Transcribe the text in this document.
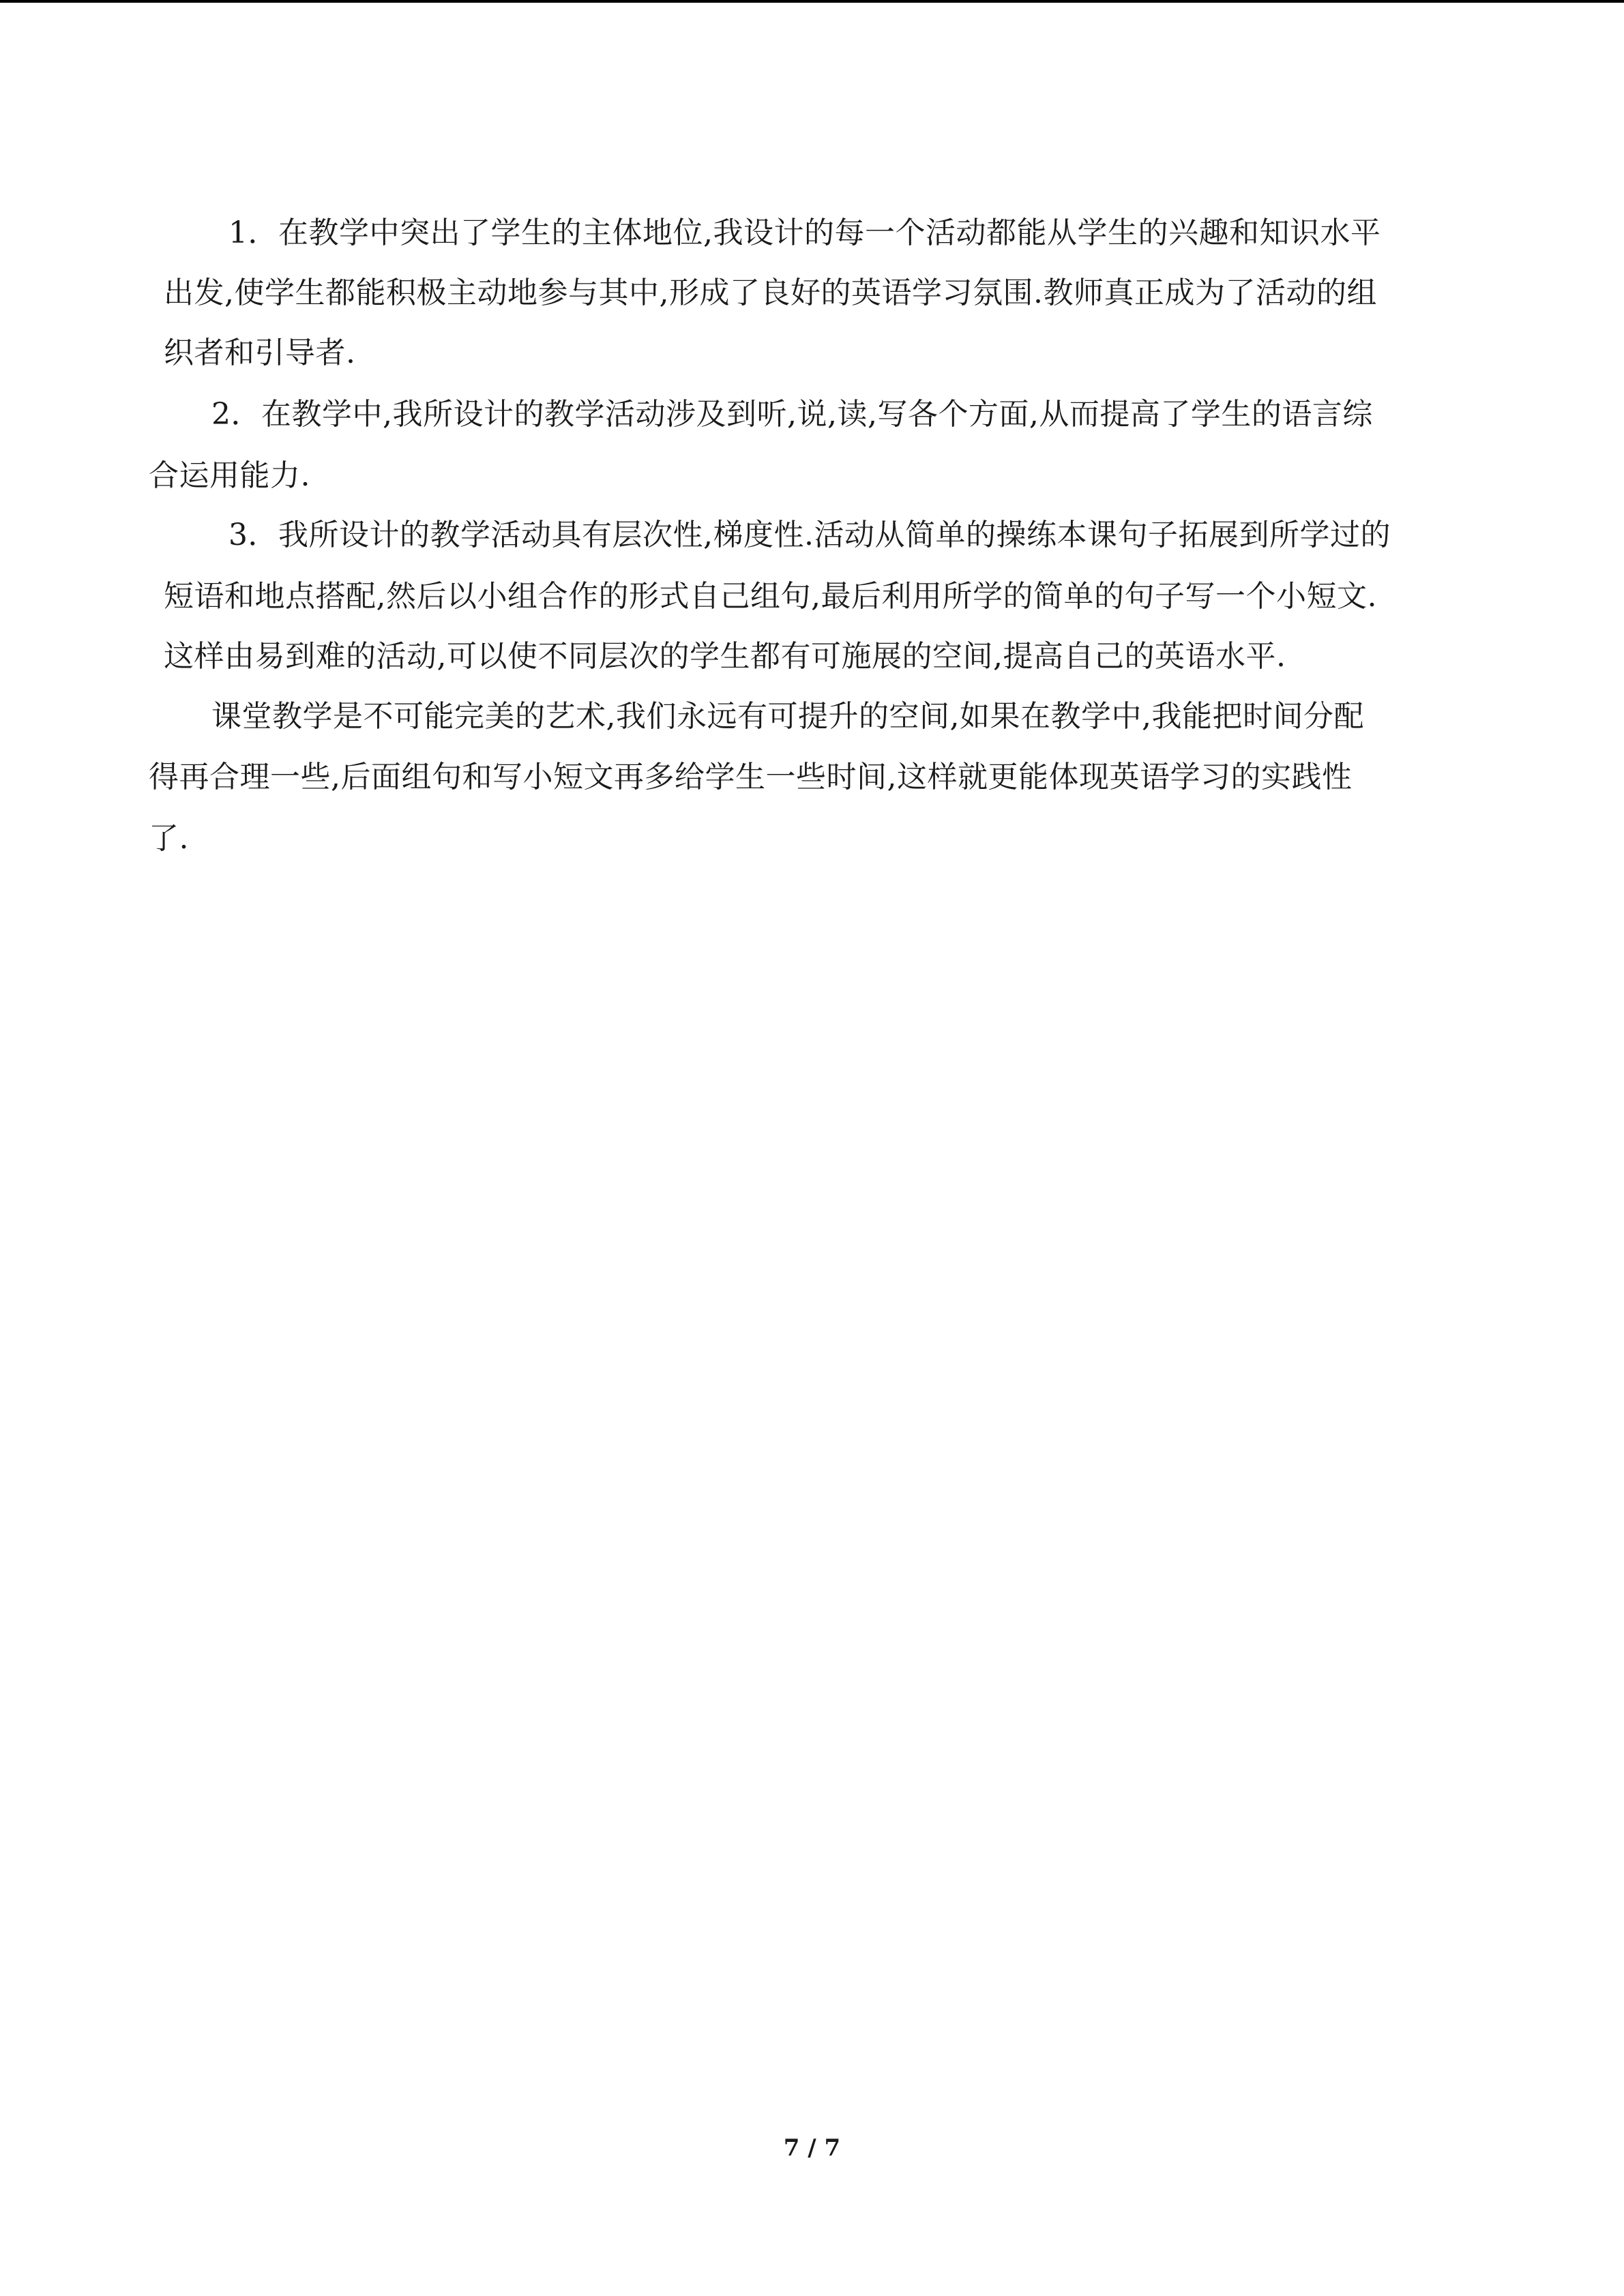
1．在教学中突出了学生的主体地位,我设计的每一个活动都能从学生的兴趣和知识水平
出发,使学生都能积极主动地参与其中,形成了良好的英语学习氛围.教师真正成为了活动的组
织者和引导者.
2．在教学中,我所设计的教学活动涉及到听,说,读,写各个方面,从而提高了学生的语言综
合运用能力.
3．我所设计的教学活动具有层次性,梯度性.活动从简单的操练本课句子拓展到所学过的
短语和地点搭配,然后以小组合作的形式自己组句,最后利用所学的简单的句子写一个小短文.
这样由易到难的活动,可以使不同层次的学生都有可施展的空间,提高自己的英语水平.
课堂教学是不可能完美的艺术,我们永远有可提升的空间,如果在教学中,我能把时间分配
得再合理一些,后面组句和写小短文再多给学生一些时间,这样就更能体现英语学习的实践性
了.
7 / 7
